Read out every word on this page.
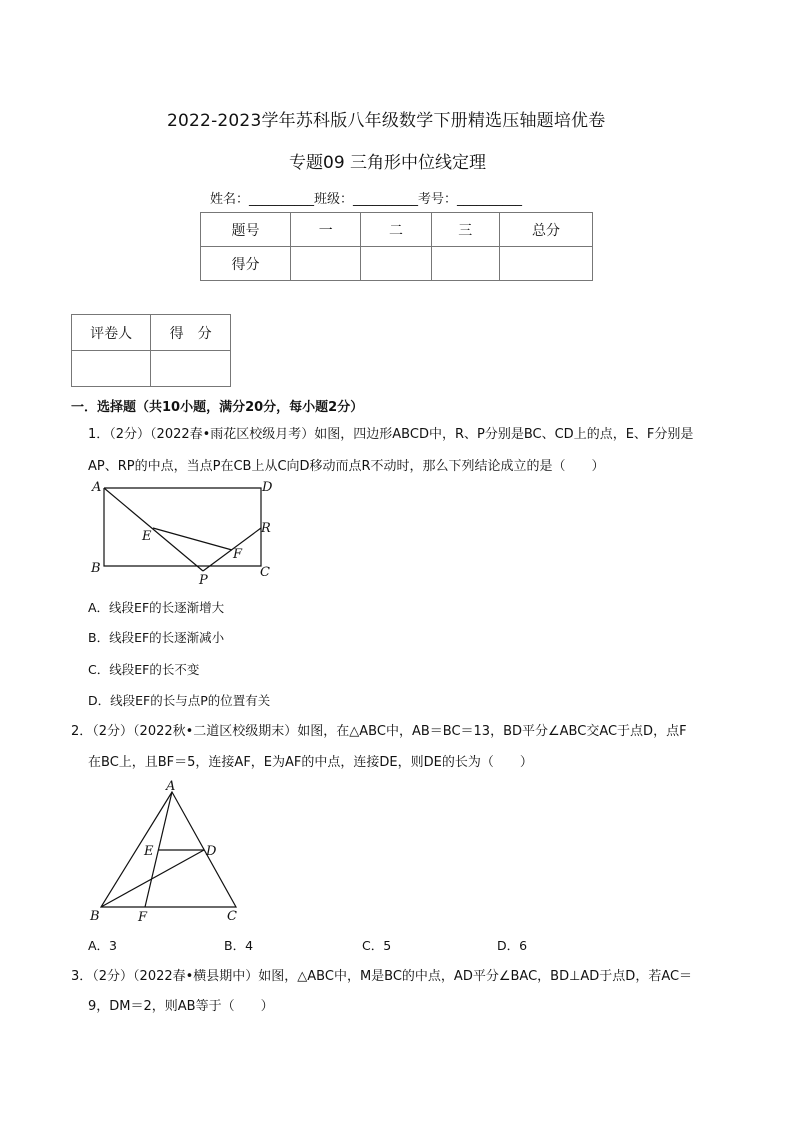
2022-2023学年苏科版八年级数学下册精选压轴题培优卷
专题09 三角形中位线定理
姓名：__________班级：__________考号：__________
题号	一	二	三	总分
得分				
评卷人	得　分

一．选择题（共10小题，满分20分，每小题2分）
1．（2分）（2022春•雨花区校级月考）如图，四边形ABCD中，R、P分别是BC、CD上的点，E、F分别是
AP、RP的中点，当点P在CB上从C向D移动而点R不动时，那么下列结论成立的是（　　）
A	D
R
E
F
B
P
C
A．线段EF的长逐渐增大
B．线段EF的长逐渐减小
C．线段EF的长不变
D．线段EF的长与点P的位置有关
2．（2分）（2022秋•二道区校级期末）如图，在△ABC中，AB＝BC＝13，BD平分∠ABC交AC于点D，点F
在BC上，且BF＝5，连接AF，E为AF的中点，连接DE，则DE的长为（　　）
A
E	D
B	F	C
A．3	B．4	C．5	D．6
3．（2分）（2022春•横县期中）如图，△ABC中，M是BC的中点，AD平分∠BAC，BD⊥AD于点D，若AC＝
9，DM＝2，则AB等于（　　）
